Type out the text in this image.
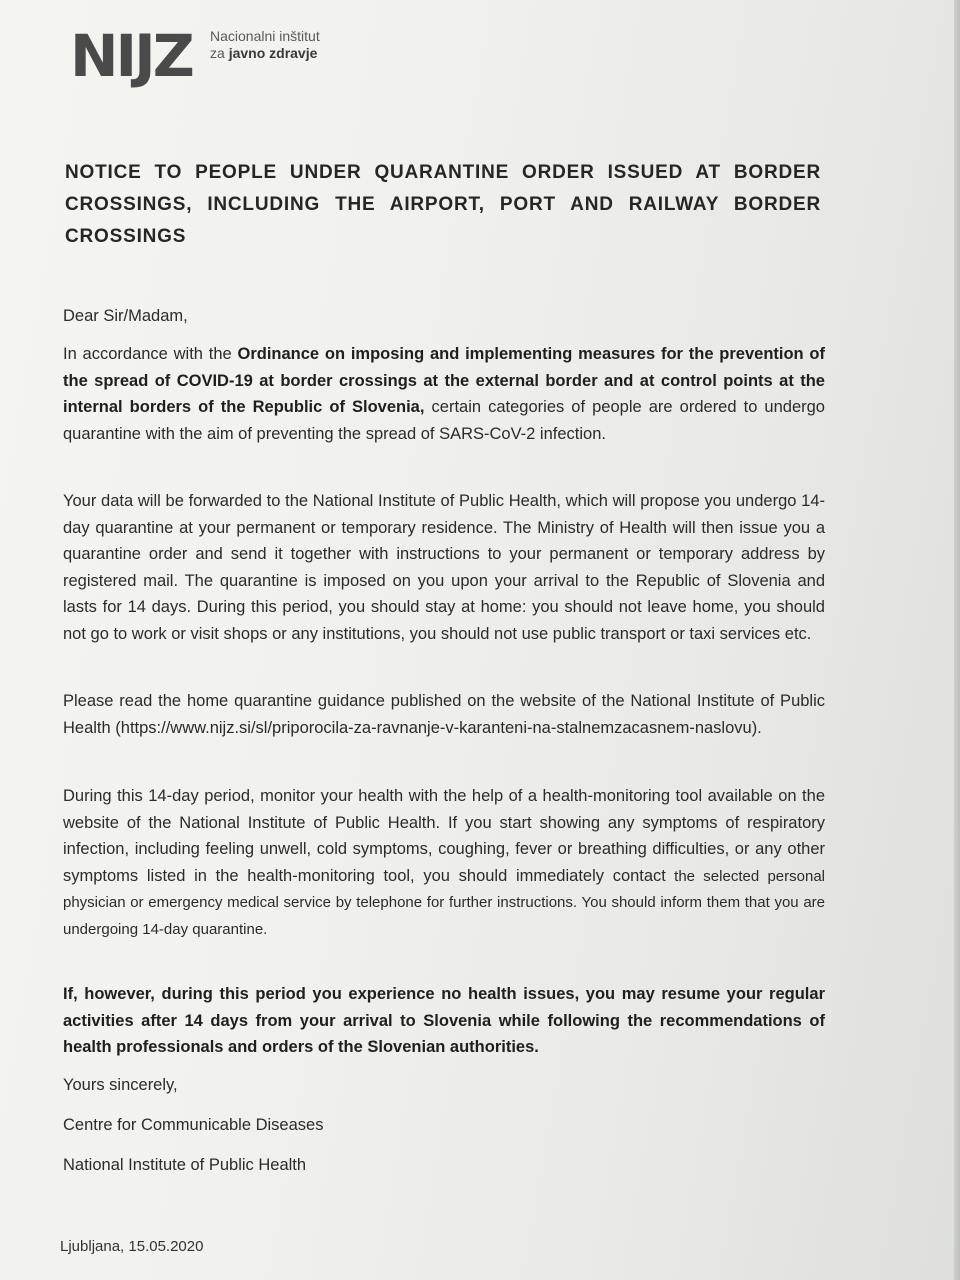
NIJZ Nacionalni inštitut
za javno zdravje
NOTICE TO PEOPLE UNDER QUARANTINE ORDER ISSUED AT BORDER CROSSINGS, INCLUDING THE AIRPORT, PORT AND RAILWAY BORDER CROSSINGS
Dear Sir/Madam,
In accordance with the Ordinance on imposing and implementing measures for the prevention of the spread of COVID-19 at border crossings at the external border and at control points at the internal borders of the Republic of Slovenia, certain categories of people are ordered to undergo quarantine with the aim of preventing the spread of SARS-CoV-2 infection.
Your data will be forwarded to the National Institute of Public Health, which will propose you undergo 14-day quarantine at your permanent or temporary residence. The Ministry of Health will then issue you a quarantine order and send it together with instructions to your permanent or temporary address by registered mail. The quarantine is imposed on you upon your arrival to the Republic of Slovenia and lasts for 14 days. During this period, you should stay at home: you should not leave home, you should not go to work or visit shops or any institutions, you should not use public transport or taxi services etc.
Please read the home quarantine guidance published on the website of the National Institute of Public Health (https://www.nijz.si/sl/priporocila-za-ravnanje-v-karanteni-na-stalnemzacasnem-naslovu).
During this 14-day period, monitor your health with the help of a health-monitoring tool available on the website of the National Institute of Public Health. If you start showing any symptoms of respiratory infection, including feeling unwell, cold symptoms, coughing, fever or breathing difficulties, or any other symptoms listed in the health-monitoring tool, you should immediately contact the selected personal physician or emergency medical service by telephone for further instructions. You should inform them that you are undergoing 14-day quarantine.
If, however, during this period you experience no health issues, you may resume your regular activities after 14 days from your arrival to Slovenia while following the recommendations of health professionals and orders of the Slovenian authorities.
Yours sincerely,
Centre for Communicable Diseases
National Institute of Public Health
Ljubljana, 15.05.2020
